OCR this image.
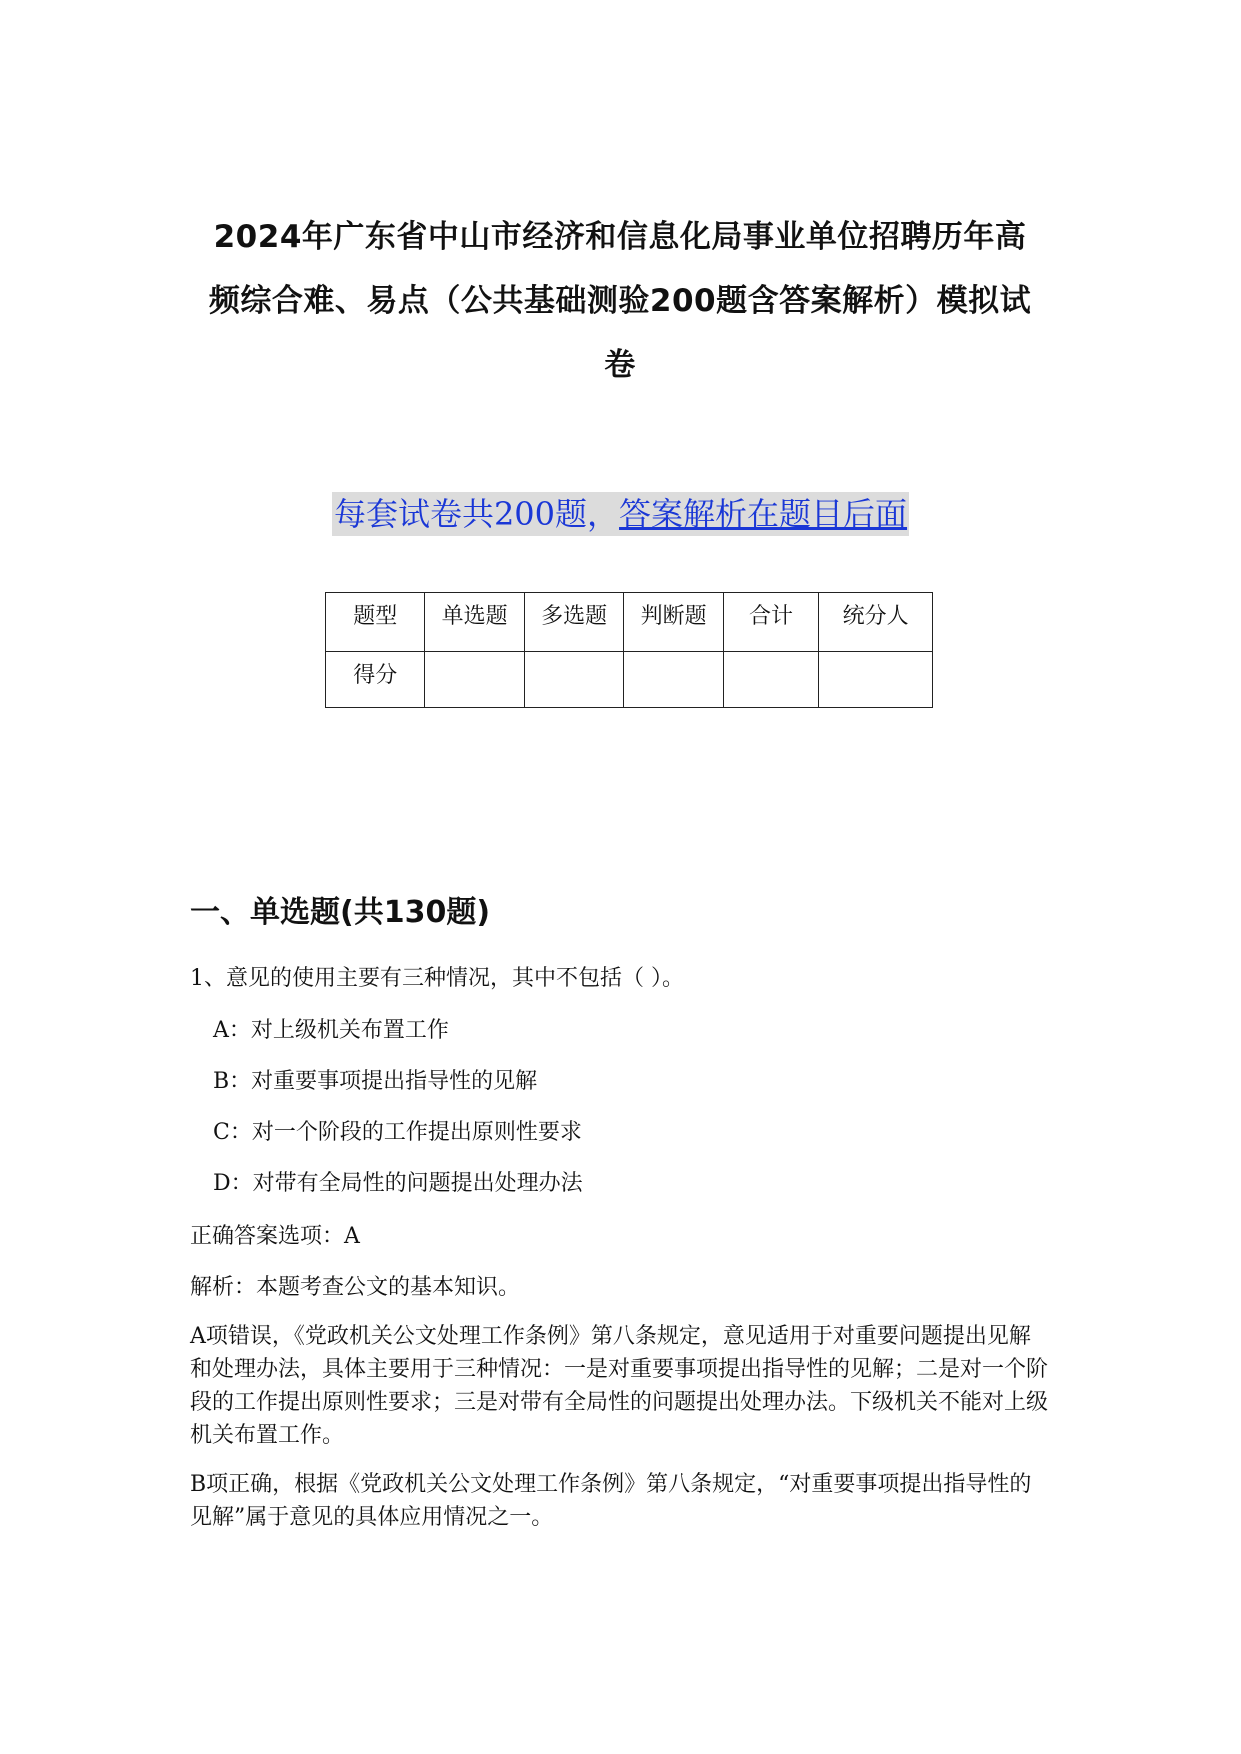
2024年广东省中山市经济和信息化局事业单位招聘历年高
频综合难、易点（公共基础测验200题含答案解析）模拟试
卷
每套试卷共200题，答案解析在题目后面
题型	单选题	多选题	判断题	合计	统分人
得分					
一、单选题(共130题)
1、意见的使用主要有三种情况，其中不包括（ ）。
A：对上级机关布置工作
B：对重要事项提出指导性的见解
C：对一个阶段的工作提出原则性要求
D：对带有全局性的问题提出处理办法
正确答案选项：A
解析：本题考查公文的基本知识。
A项错误，《党政机关公文处理工作条例》第八条规定，意见适用于对重要问题提出见解和处理办法，具体主要用于三种情况：一是对重要事项提出指导性的见解；二是对一个阶段的工作提出原则性要求；三是对带有全局性的问题提出处理办法。下级机关不能对上级机关布置工作。
B项正确，根据《党政机关公文处理工作条例》第八条规定，“对重要事项提出指导性的见解”属于意见的具体应用情况之一。
